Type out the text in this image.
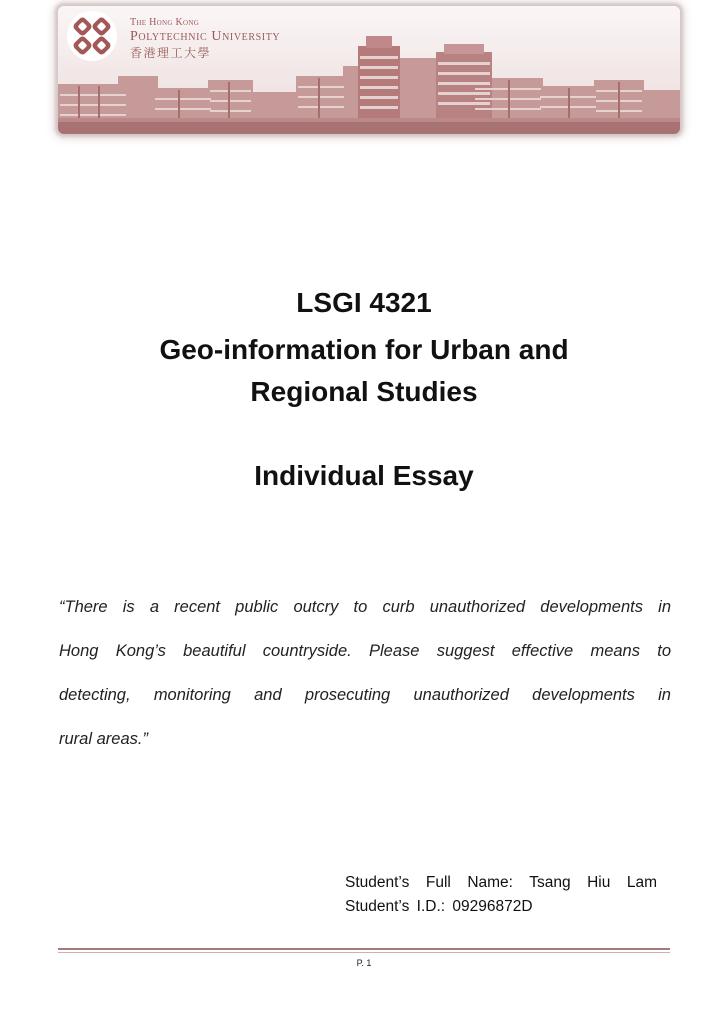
The Hong Kong
Polytechnic University
香港理工大學
LSGI 4321
Geo-information for Urban and
Regional Studies
Individual Essay
“There is a recent public outcry to curb unauthorized developments in
Hong Kong’s beautiful countryside. Please suggest effective means to
detecting, monitoring and prosecuting unauthorized developments in
rural areas.”
Student’s Full Name: Tsang Hiu Lam
Student’s I.D.: 09296872D
P. 1
